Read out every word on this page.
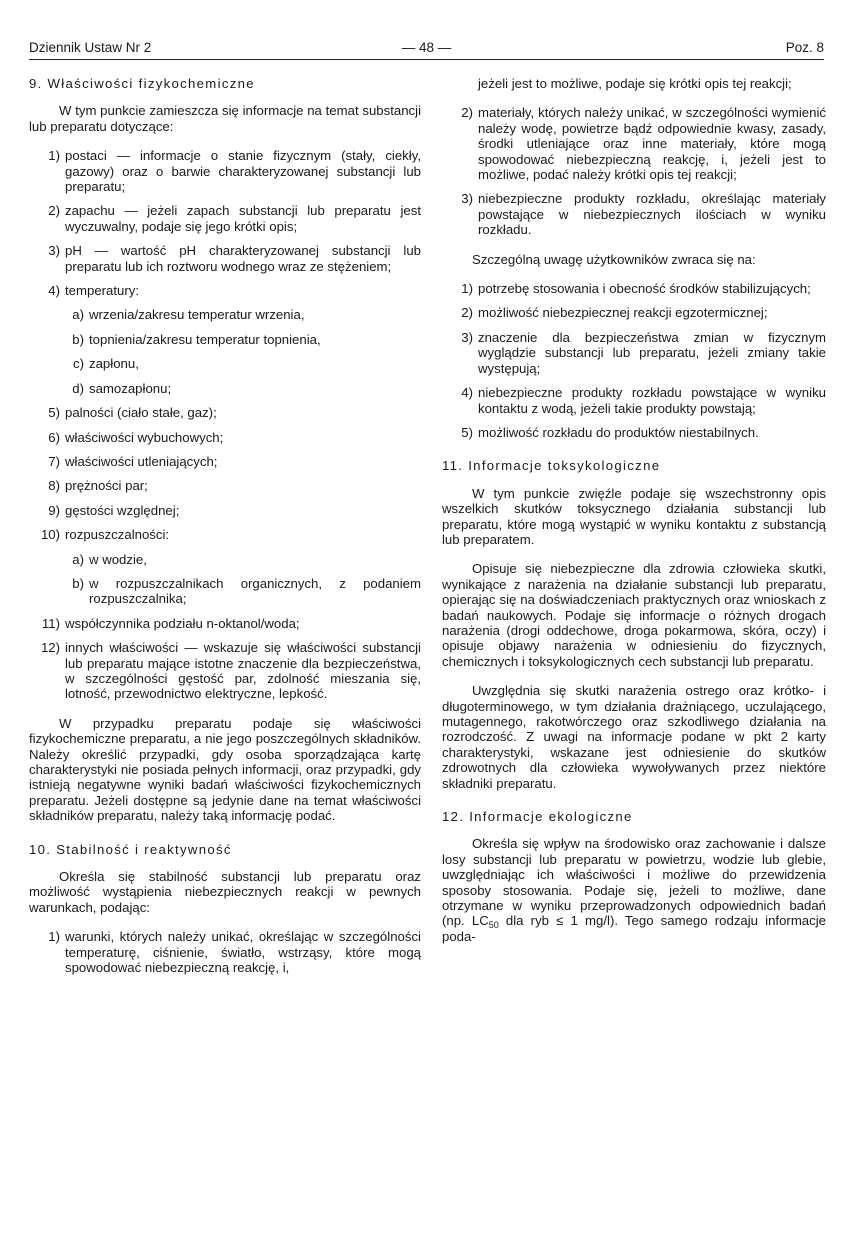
Dziennik Ustaw Nr 2	— 48 —	Poz. 8
9. Właściwości fizykochemiczne

W tym punkcie zamieszcza się informacje na temat substancji lub preparatu dotyczące:

1) postaci — informacje o stanie fizycznym (stały, ciekły, gazowy) oraz o barwie charakteryzowanej substancji lub preparatu;
2) zapachu — jeżeli zapach substancji lub preparatu jest wyczuwalny, podaje się jego krótki opis;
3) pH — wartość pH charakteryzowanej substancji lub preparatu lub ich roztworu wodnego wraz ze stężeniem;
4) temperatury:
a) wrzenia/zakresu temperatur wrzenia,
b) topnienia/zakresu temperatur topnienia,
c) zapłonu,
d) samozapłonu;
5) palności (ciało stałe, gaz);
6) właściwości wybuchowych;
7) właściwości utleniających;
8) prężności par;
9) gęstości względnej;
10) rozpuszczalności:
a) w wodzie,
b) w rozpuszczalnikach organicznych, z podaniem rozpuszczalnika;
11) współczynnika podziału n-oktanol/woda;
12) innych właściwości — wskazuje się właściwości substancji lub preparatu mające istotne znaczenie dla bezpieczeństwa, w szczególności gęstość par, zdolność mieszania się, lotność, przewodnictwo elektryczne, lepkość.

W przypadku preparatu podaje się właściwości fizykochemiczne preparatu, a nie jego poszczególnych składników. Należy określić przypadki, gdy osoba sporządzająca kartę charakterystyki nie posiada pełnych informacji, oraz przypadki, gdy istnieją negatywne wyniki badań właściwości fizykochemicznych preparatu. Jeżeli dostępne są jedynie dane na temat właściwości składników preparatu, należy taką informację podać.

10. Stabilność i reaktywność

Określa się stabilność substancji lub preparatu oraz możliwość wystąpienia niebezpiecznych reakcji w pewnych warunkach, podając:

1) warunki, których należy unikać, określając w szczególności temperaturę, ciśnienie, światło, wstrząsy, które mogą spowodować niebezpieczną reakcję, i,
jeżeli jest to możliwe, podaje się krótki opis tej reakcji;
2) materiały, których należy unikać, w szczególności wymienić należy wodę, powietrze bądź odpowiednie kwasy, zasady, środki utleniające oraz inne materiały, które mogą spowodować niebezpieczną reakcję, i, jeżeli jest to możliwe, podać należy krótki opis tej reakcji;
3) niebezpieczne produkty rozkładu, określając materiały powstające w niebezpiecznych ilościach w wyniku rozkładu.

Szczególną uwagę użytkowników zwraca się na:

1) potrzebę stosowania i obecność środków stabilizujących;
2) możliwość niebezpiecznej reakcji egzotermicznej;
3) znaczenie dla bezpieczeństwa zmian w fizycznym wyglądzie substancji lub preparatu, jeżeli zmiany takie występują;
4) niebezpieczne produkty rozkładu powstające w wyniku kontaktu z wodą, jeżeli takie produkty powstają;
5) możliwość rozkładu do produktów niestabilnych.
11. Informacje toksykologiczne

W tym punkcie zwięźle podaje się wszechstronny opis wszelkich skutków toksycznego działania substancji lub preparatu, które mogą wystąpić w wyniku kontaktu z substancją lub preparatem.

Opisuje się niebezpieczne dla zdrowia człowieka skutki, wynikające z narażenia na działanie substancji lub preparatu, opierając się na doświadczeniach praktycznych oraz wnioskach z badań naukowych. Podaje się informacje o różnych drogach narażenia (drogi oddechowe, droga pokarmowa, skóra, oczy) i opisuje objawy narażenia w odniesieniu do fizycznych, chemicznych i toksykologicznych cech substancji lub preparatu.

Uwzględnia się skutki narażenia ostrego oraz krótko- i długoterminowego, w tym działania drażniącego, uczulającego, mutagennego, rakotwórczego oraz szkodliwego działania na rozrodczość. Z uwagi na informacje podane w pkt 2 karty charakterystyki, wskazane jest odniesienie do skutków zdrowotnych dla człowieka wywoływanych przez niektóre składniki preparatu.

12. Informacje ekologiczne

Określa się wpływ na środowisko oraz zachowanie i dalsze losy substancji lub preparatu w powietrzu, wodzie lub glebie, uwzględniając ich właściwości i możliwe do przewidzenia sposoby stosowania. Podaje się, jeżeli to możliwe, dane otrzymane w wyniku przeprowadzonych odpowiednich badań (np. $LC_{50}$ dla ryb ≤ 1 mg/l). Tego samego rodzaju informacje poda-
